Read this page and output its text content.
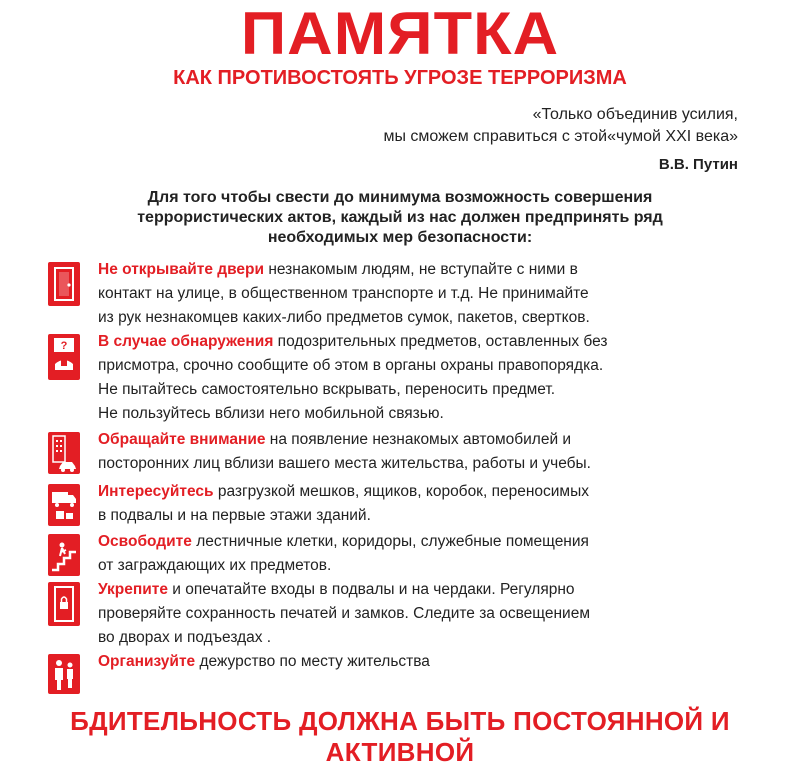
ПАМЯТКА
КАК ПРОТИВОСТОЯТЬ УГРОЗЕ ТЕРРОРИЗМА
«Только объединив усилия,
мы сможем справиться с этой«чумой XXI века»
В.В. Путин
Для того чтобы свести до минимума возможность совершения
террористических актов, каждый из нас должен предпринять ряд
необходимых мер безопасности:
Не открывайте двери незнакомым людям, не вступайте с ними в
контакт на улице, в общественном транспорте и т.д. Не принимайте
из рук незнакомцев каких-либо предметов сумок, пакетов, свертков.
? В случае обнаружения подозрительных предметов, оставленных без
присмотра, срочно сообщите об этом в органы охраны правопорядка.
Не пытайтесь самостоятельно вскрывать, переносить предмет.
Не пользуйтесь вблизи него мобильной связью.
Обращайте внимание на появление незнакомых автомобилей и
посторонних лиц вблизи вашего места жительства, работы и учебы.
Интересуйтесь разгрузкой мешков, ящиков, коробок, переносимых
в подвалы и на первые этажи зданий.
Освободите лестничные клетки, коридоры, служебные помещения
от заграждающих их предметов.
Укрепите и опечатайте входы в подвалы и на чердаки. Регулярно
проверяйте сохранность печатей и замков. Следите за освещением
во дворах и подъездах .
Организуйте дежурство по месту жительства
БДИТЕЛЬНОСТЬ ДОЛЖНА БЫТЬ ПОСТОЯННОЙ И АКТИВНОЙ
